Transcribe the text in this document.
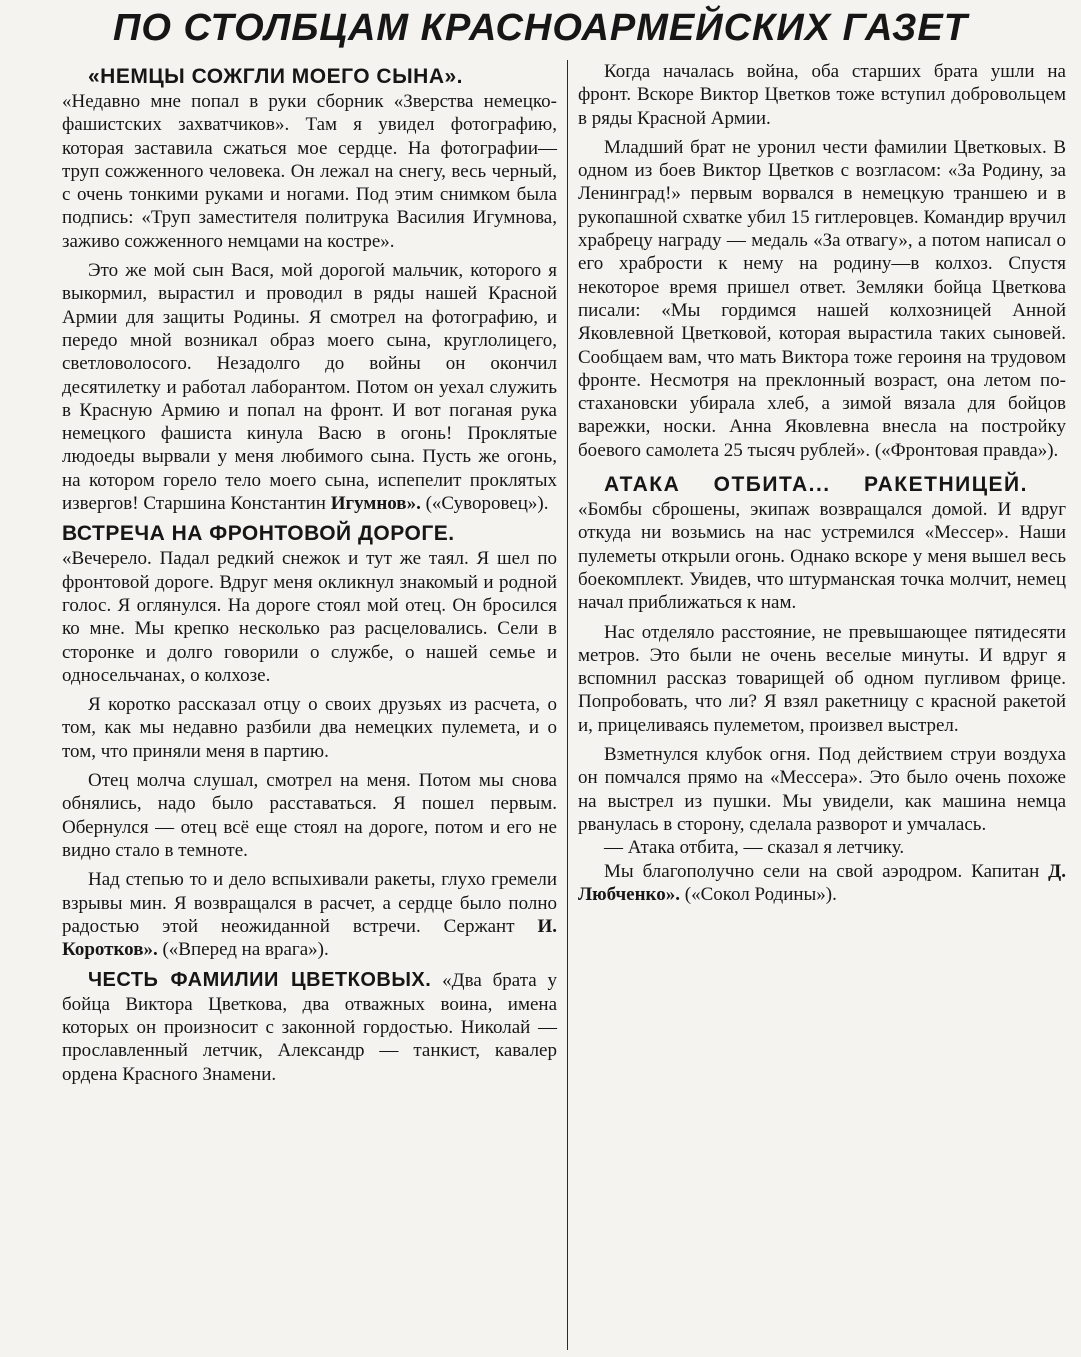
ПО СТОЛБЦАМ КРАСНОАРМЕЙСКИХ ГАЗЕТ
«НЕМЦЫ СОЖГЛИ МОЕГО СЫНА».

«Недавно мне попал в руки сборник «Зверства немецко-фашистских захватчиков». Там я увидел фотографию, которая заставила сжаться мое сердце. На фотографии—труп сожженного человека. Он лежал на снегу, весь черный, с очень тонкими руками и ногами. Под этим снимком была подпись: «Труп заместителя политрука Василия Игумнова, заживо сожженного немцами на костре».

Это же мой сын Вася, мой дорогой мальчик, которого я выкормил, вырастил и проводил в ряды нашей Красной Армии для защиты Родины. Я смотрел на фотографию, и передо мной возникал образ моего сына, круглолицего, светловолосого. Незадолго до войны он окончил десятилетку и работал лаборантом. Потом он уехал служить в Красную Армию и попал на фронт. И вот поганая рука немецкого фашиста кинула Васю в огонь! Проклятые людоеды вырвали у меня любимого сына. Пусть же огонь, на котором горело тело моего сына, испепелит проклятых извергов! Старшина Константин Игумнов». («Суворовец»).

ВСТРЕЧА НА ФРОНТОВОЙ ДОРОГЕ.

«Вечерело. Падал редкий снежок и тут же таял. Я шел по фронтовой дороге. Вдруг меня окликнул знакомый и родной голос. Я оглянулся. На дороге стоял мой отец. Он бросился ко мне. Мы крепко несколько раз расцеловались. Сели в сторонке и долго говорили о службе, о нашей семье и односельчанах, о колхозе.

Я коротко рассказал отцу о своих друзьях из расчета, о том, как мы недавно разбили два немецких пулемета, и о том, что приняли меня в партию.

Отец молча слушал, смотрел на меня. Потом мы снова обнялись, надо было расставаться. Я пошел первым. Обернулся — отец всё еще стоял на дороге, потом и его не видно стало в темноте.

Над степью то и дело вспыхивали ракеты, глухо гремели взрывы мин. Я возвращался в расчет, а сердце было полно радостью этой неожиданной встречи. Сержант И. Коротков». («Вперед на врага»).

ЧЕСТЬ ФАМИЛИИ ЦВЕТКОВЫХ. «Два брата у бойца Виктора Цветкова, два отважных воина, имена которых он произносит с законной гордостью. Николай — прославленный летчик, Александр — танкист, кавалер ордена Красного Знамени.

Когда началась война, оба старших брата ушли на фронт. Вскоре Виктор Цветков тоже вступил добровольцем в ряды Красной Армии.

Младший брат не уронил чести фамилии Цветковых. В одном из боев Виктор Цветков с возгласом: «За Родину, за Ленинград!» первым ворвался в немецкую траншею и в рукопашной схватке убил 15 гитлеровцев. Командир вручил храбрецу награду — медаль «За отвагу», а потом написал о его храбрости к нему на родину—в колхоз. Спустя некоторое время пришел ответ. Земляки бойца Цветкова писали: «Мы гордимся нашей колхозницей Анной Яковлевной Цветковой, которая вырастила таких сыновей. Сообщаем вам, что мать Виктора тоже героиня на трудовом фронте. Несмотря на преклонный возраст, она летом по-стахановски убирала хлеб, а зимой вязала для бойцов варежки, носки. Анна Яковлевна внесла на постройку боевого самолета 25 тысяч рублей». («Фронтовая правда»).

АТАКА ОТБИТА... РАКЕТНИЦЕЙ.

«Бомбы сброшены, экипаж возвращался домой. И вдруг откуда ни возьмись на нас устремился «Мессер». Наши пулеметы открыли огонь. Однако вскоре у меня вышел весь боекомплект. Увидев, что штурманская точка молчит, немец начал приближаться к нам.

Нас отделяло расстояние, не превышающее пятидесяти метров. Это были не очень веселые минуты. И вдруг я вспомнил рассказ товарищей об одном пугливом фрице. Попробовать, что ли? Я взял ракетницу с красной ракетой и, прицеливаясь пулеметом, произвел выстрел.

Взметнулся клубок огня. Под действием струи воздуха он помчался прямо на «Мессера». Это было очень похоже на выстрел из пушки. Мы увидели, как машина немца рванулась в сторону, сделала разворот и умчалась.

— Атака отбита, — сказал я летчику.

Мы благополучно сели на свой аэродром. Капитан Д. Любченко». («Сокол Родины»).
